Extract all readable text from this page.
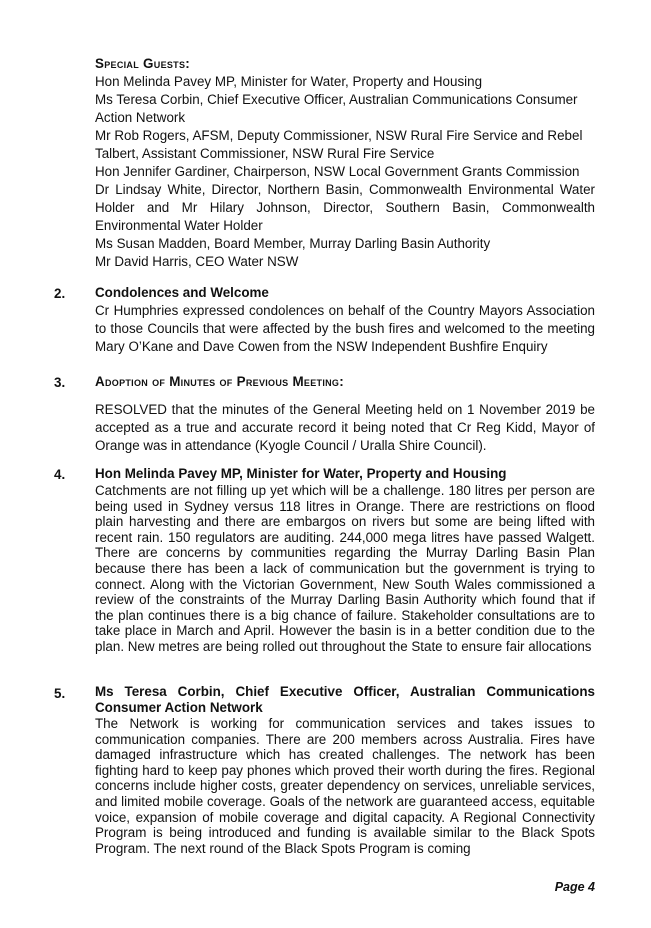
Special Guests:
Hon Melinda Pavey MP, Minister for Water, Property and Housing
Ms Teresa Corbin, Chief Executive Officer, Australian Communications Consumer Action Network
Mr Rob Rogers, AFSM, Deputy Commissioner, NSW Rural Fire Service and Rebel Talbert, Assistant Commissioner, NSW Rural Fire Service
Hon Jennifer Gardiner, Chairperson, NSW Local Government Grants Commission
Dr Lindsay White, Director, Northern Basin, Commonwealth Environmental Water Holder and Mr Hilary Johnson, Director, Southern Basin, Commonwealth Environmental Water Holder
Ms Susan Madden, Board Member, Murray Darling Basin Authority
Mr David Harris, CEO Water NSW
2. Condolences and Welcome
Cr Humphries expressed condolences on behalf of the Country Mayors Association to those Councils that were affected by the bush fires and welcomed to the meeting Mary O’Kane and Dave Cowen from the NSW Independent Bushfire Enquiry
3. Adoption of Minutes of Previous Meeting:
RESOLVED that the minutes of the General Meeting held on 1 November 2019 be accepted as a true and accurate record it being noted that Cr Reg Kidd, Mayor of Orange was in attendance (Kyogle Council / Uralla Shire Council).
4. Hon Melinda Pavey MP, Minister for Water, Property and Housing
Catchments are not filling up yet which will be a challenge. 180 litres per person are being used in Sydney versus 118 litres in Orange. There are restrictions on flood plain harvesting and there are embargos on rivers but some are being lifted with recent rain. 150 regulators are auditing. 244,000 mega litres have passed Walgett. There are concerns by communities regarding the Murray Darling Basin Plan because there has been a lack of communication but the government is trying to connect. Along with the Victorian Government, New South Wales commissioned a review of the constraints of the Murray Darling Basin Authority which found that if the plan continues there is a big chance of failure. Stakeholder consultations are to take place in March and April. However the basin is in a better condition due to the plan. New metres are being rolled out throughout the State to ensure fair allocations
5. Ms Teresa Corbin, Chief Executive Officer, Australian Communications Consumer Action Network
The Network is working for communication services and takes issues to communication companies. There are 200 members across Australia. Fires have damaged infrastructure which has created challenges. The network has been fighting hard to keep pay phones which proved their worth during the fires. Regional concerns include higher costs, greater dependency on services, unreliable services, and limited mobile coverage. Goals of the network are guaranteed access, equitable voice, expansion of mobile coverage and digital capacity. A Regional Connectivity Program is being introduced and funding is available similar to the Black Spots Program. The next round of the Black Spots Program is coming
Page 4
